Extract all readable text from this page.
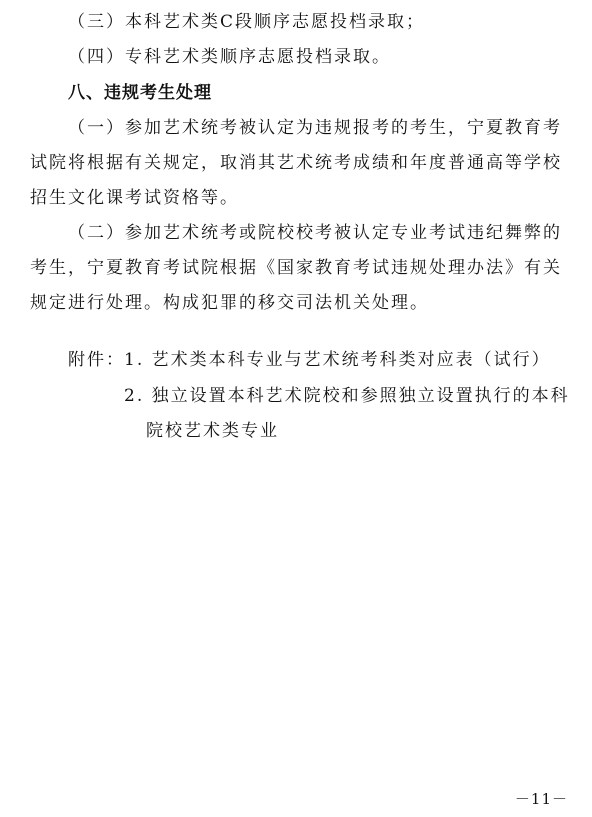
（三）本科艺术类C段顺序志愿投档录取；
（四）专科艺术类顺序志愿投档录取。
八、违规考生处理
（一）参加艺术统考被认定为违规报考的考生，宁夏教育考
试院将根据有关规定，取消其艺术统考成绩和年度普通高等学校
招生文化课考试资格等。
（二）参加艺术统考或院校校考被认定专业考试违纪舞弊的
考生，宁夏教育考试院根据《国家教育考试违规处理办法》有关
规定进行处理。构成犯罪的移交司法机关处理。
附件： 1. 艺术类本科专业与艺术统考科类对应表（试行）
2. 独立设置本科艺术院校和参照独立设置执行的本科
院校艺术类专业
－11－
